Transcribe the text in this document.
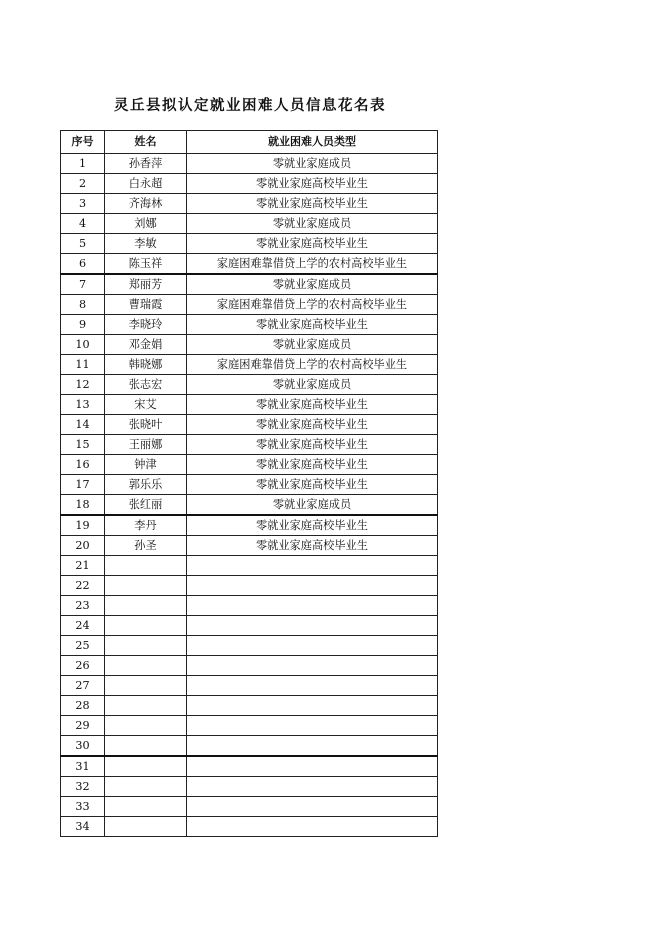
灵丘县拟认定就业困难人员信息花名表
序号	姓名	就业困难人员类型
1	孙香萍	零就业家庭成员
2	白永超	零就业家庭高校毕业生
3	齐海林	零就业家庭高校毕业生
4	刘娜	零就业家庭成员
5	李敏	零就业家庭高校毕业生
6	陈玉祥	家庭困难靠借贷上学的农村高校毕业生
7	郑丽芳	零就业家庭成员
8	曹瑞霞	家庭困难靠借贷上学的农村高校毕业生
9	李晓玲	零就业家庭高校毕业生
10	邓金娟	零就业家庭成员
11	韩晓娜	家庭困难靠借贷上学的农村高校毕业生
12	张志宏	零就业家庭成员
13	宋艾	零就业家庭高校毕业生
14	张晓叶	零就业家庭高校毕业生
15	王丽娜	零就业家庭高校毕业生
16	钟津	零就业家庭高校毕业生
17	郭乐乐	零就业家庭高校毕业生
18	张红丽	零就业家庭成员
19	李丹	零就业家庭高校毕业生
20	孙圣	零就业家庭高校毕业生
21		
22		
23		
24		
25		
26		
27		
28		
29		
30		
31		
32		
33		
34		
